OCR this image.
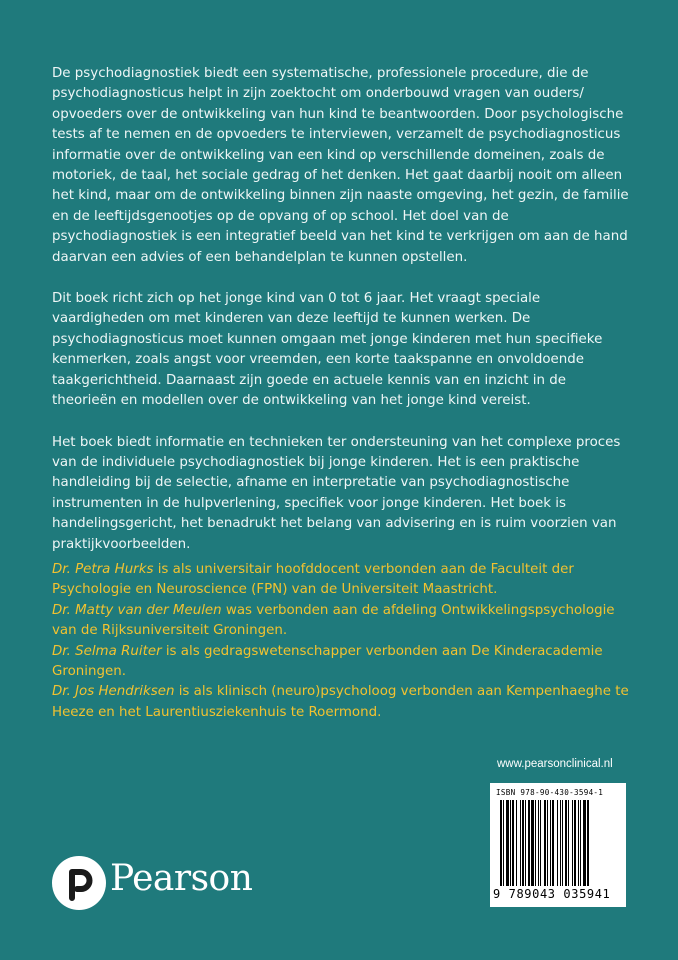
De psychodiagnostiek biedt een systematische, professionele procedure, die de psychodiagnosticus helpt in zijn zoektocht om onderbouwd vragen van ouders/ opvoeders over de ontwikkeling van hun kind te beantwoorden. Door psychologische tests af te nemen en de opvoeders te interviewen, verzamelt de psychodiagnosticus informatie over de ontwikkeling van een kind op verschillende domeinen, zoals de motoriek, de taal, het sociale gedrag of het denken. Het gaat daarbij nooit om alleen het kind, maar om de ontwikkeling binnen zijn naaste omgeving, het gezin, de familie en de leeftijdsgenootjes op de opvang of op school. Het doel van de psychodiagnostiek is een integratief beeld van het kind te verkrijgen om aan de hand daarvan een advies of een behandelplan te kunnen opstellen.

Dit boek richt zich op het jonge kind van 0 tot 6 jaar. Het vraagt speciale vaardigheden om met kinderen van deze leeftijd te kunnen werken. De psychodiagnosticus moet kunnen omgaan met jonge kinderen met hun specifieke kenmerken, zoals angst voor vreemden, een korte taakspanne en onvoldoende taakgerichtheid. Daarnaast zijn goede en actuele kennis van en inzicht in de theorieën en modellen over de ontwikkeling van het jonge kind vereist.

Het boek biedt informatie en technieken ter ondersteuning van het complexe proces van de individuele psychodiagnostiek bij jonge kinderen. Het is een praktische handleiding bij de selectie, afname en interpretatie van psychodiagnostische instrumenten in de hulpverlening, specifiek voor jonge kinderen. Het boek is handelingsgericht, het benadrukt het belang van advisering en is ruim voorzien van praktijkvoorbeelden.

Dr. Petra Hurks is als universitair hoofddocent verbonden aan de Faculteit der Psychologie en Neuroscience (FPN) van de Universiteit Maastricht.
Dr. Matty van der Meulen was verbonden aan de afdeling Ontwikkelingspsychologie van de Rijksuniversiteit Groningen.
Dr. Selma Ruiter is als gedragswetenschapper verbonden aan De Kinderacademie Groningen.
Dr. Jos Hendriksen is als klinisch (neuro)psycholoog verbonden aan Kempenhaeghe te Heeze en het Laurentiusziekenhuis te Roermond.
www.pearsonclinical.nl
ISBN 978-90-430-3594-1
9 789043 035941
Pearson
